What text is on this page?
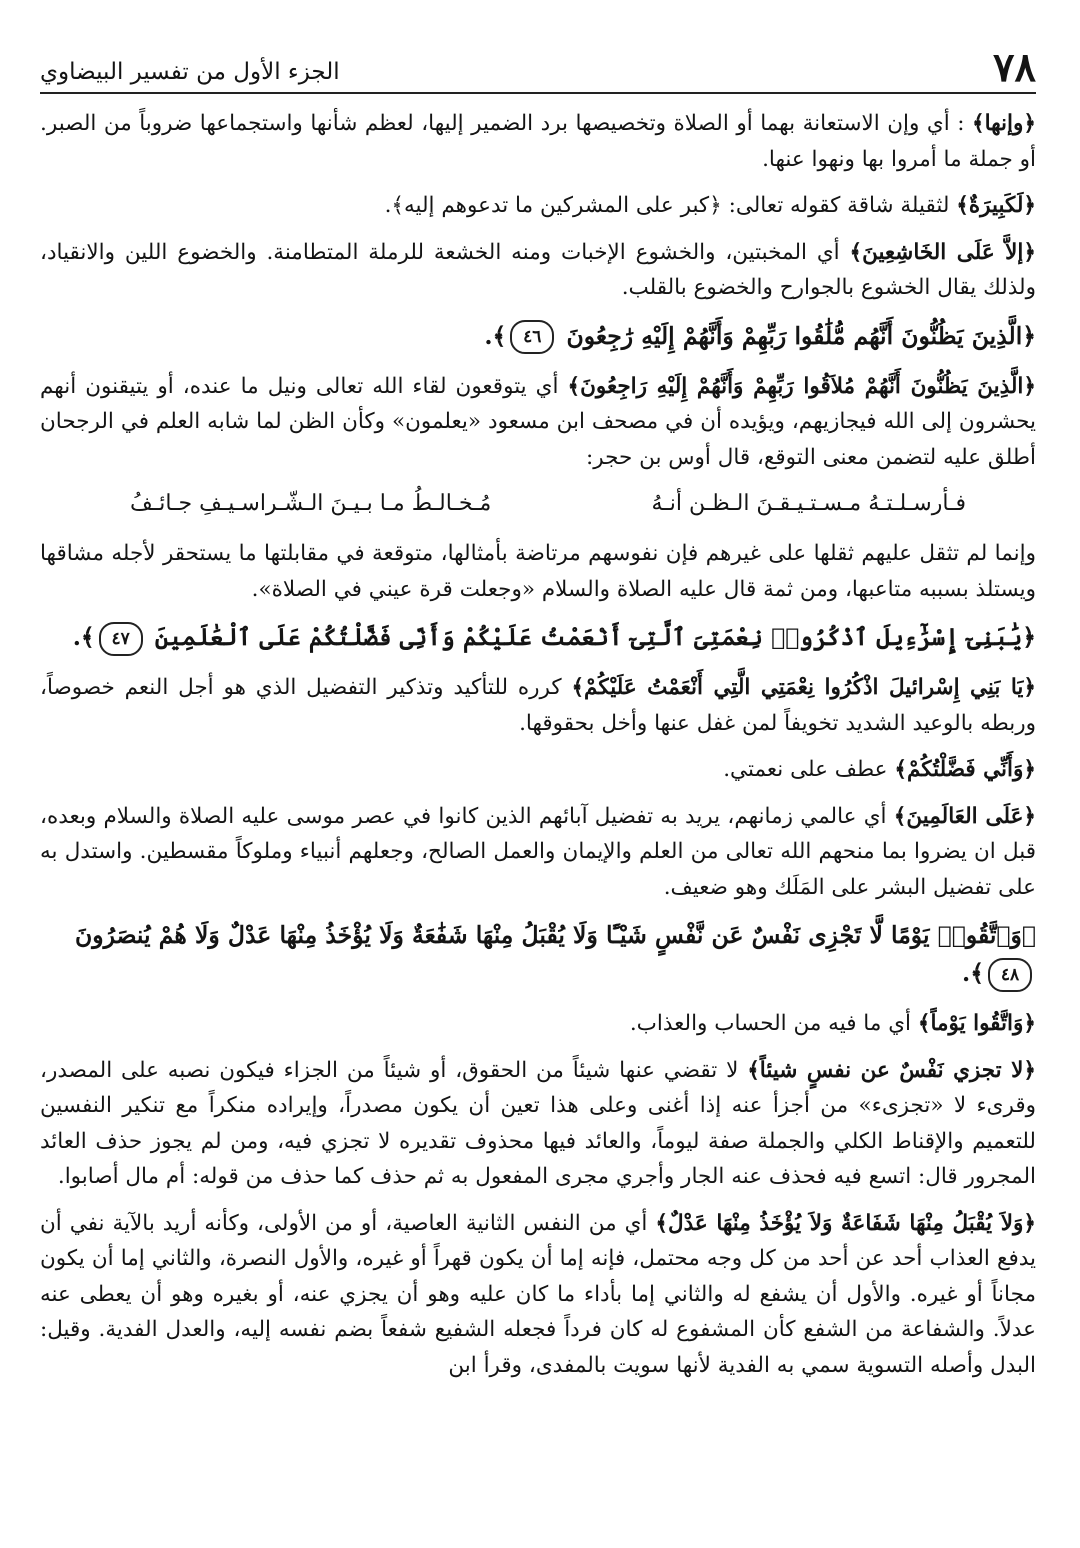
٧٨
الجزء الأول من تفسير البيضاوي

﴿وإنها﴾ : أي وإن الاستعانة بهما أو الصلاة وتخصيصها برد الضمير إليها، لعظم شأنها واستجماعها ضروباً من الصبر. أو جملة ما أمروا بها ونهوا عنها.

﴿لَكَبِيرَةٌ﴾ لثقيلة شاقة كقوله تعالى: ﴿كبر على المشركين ما تدعوهم إليه﴾.

﴿إلاَّ عَلَى الخَاشِعِينَ﴾ أي المخبتين، والخشوع الإخبات ومنه الخشعة للرملة المتطامنة. والخضوع اللين والانقياد، ولذلك يقال الخشوع بالجوارح والخضوع بالقلب.

﴿الَّذِينَ يَظُنُّونَ أَنَّهُم مُّلَٰقُوا رَبِّهِمْ وَأَنَّهُمْ إِلَيْهِ رَٰجِعُونَ ٤٦﴾.

﴿الَّذِينَ يَظُنُّونَ أَنَّهُمْ مُلاَقُوا رَبِّهِمْ وَأَنَّهُمْ إِلَيْهِ رَاجِعُونَ﴾ أي يتوقعون لقاء الله تعالى ونيل ما عنده، أو يتيقنون أنهم يحشرون إلى الله فيجازيهم، ويؤيده أن في مصحف ابن مسعود «يعلمون» وكأن الظن لما شابه العلم في الرجحان أطلق عليه لتضمن معنى التوقع، قال أوس بن حجر:

فـأرسـلـتـهُ مـسـتـيـقـنَ الـظـن أنـهُ
مُـخـالـطُ مـا بـيـنَ الـشّـراسـيـفِ جـائـفُ

وإنما لم تثقل عليهم ثقلها على غيرهم فإن نفوسهم مرتاضة بأمثالها، متوقعة في مقابلتها ما يستحقر لأجله مشاقها ويستلذ بسببه متاعبها، ومن ثمة قال عليه الصلاة والسلام «وجعلت قرة عيني في الصلاة».

﴿يَٰبَنِىٓ إِسْرَٰٓءِيلَ ٱذْكُرُوا۟ نِعْمَتِىَ ٱلَّتِىٓ أَنْعَمْتُ عَلَيْكُمْ وَأَنِّى فَضَّلْتُكُمْ عَلَى ٱلْعَٰلَمِينَ ٤٧﴾.

﴿يَا بَنِي إِسْرائيلَ اذْكُرُوا نِعْمَتِي الَّتِي أَنْعَمْتُ عَلَيْكُمْ﴾ كرره للتأكيد وتذكير التفضيل الذي هو أجل النعم خصوصاً، وربطه بالوعيد الشديد تخويفاً لمن غفل عنها وأخل بحقوقها.

﴿وَأَنِّي فَضَّلْتُكُمْ﴾ عطف على نعمتي.

﴿عَلَى العَالَمِينَ﴾ أي عالمي زمانهم، يريد به تفضيل آبائهم الذين كانوا في عصر موسى عليه الصلاة والسلام وبعده، قبل ان يضروا بما منحهم الله تعالى من العلم والإيمان والعمل الصالح، وجعلهم أنبياء وملوكاً مقسطين. واستدل به على تفضيل البشر على المَلَك وهو ضعيف.

﴿وَٱتَّقُوا۟ يَوْمًا لَّا تَجْزِى نَفْسٌ عَن نَّفْسٍ شَيْـًٔا وَلَا يُقْبَلُ مِنْهَا شَفَٰعَةٌ وَلَا يُؤْخَذُ مِنْهَا عَدْلٌ وَلَا هُمْ يُنصَرُونَ ٤٨﴾.

﴿وَاتَّقُوا يَوْماً﴾ أي ما فيه من الحساب والعذاب.

﴿لا تجزي نَفْسٌ عن نفسٍ شيئاً﴾ لا تقضي عنها شيئاً من الحقوق، أو شيئاً من الجزاء فيكون نصبه على المصدر، وقرىء لا «تجزىء» من أجزأ عنه إذا أغنى وعلى هذا تعين أن يكون مصدراً، وإيراده منكراً مع تنكير النفسين للتعميم والإقناط الكلي والجملة صفة ليوماً، والعائد فيها محذوف تقديره لا تجزي فيه، ومن لم يجوز حذف العائد المجرور قال: اتسع فيه فحذف عنه الجار وأجري مجرى المفعول به ثم حذف كما حذف من قوله: أم مال أصابوا.

﴿وَلاَ يُقْبَلُ مِنْهَا شَفَاعَةٌ وَلاَ يُؤْخَذُ مِنْهَا عَدْلٌ﴾ أي من النفس الثانية العاصية، أو من الأولى، وكأنه أريد بالآية نفي أن يدفع العذاب أحد عن أحد من كل وجه محتمل، فإنه إما أن يكون قهراً أو غيره، والأول النصرة، والثاني إما أن يكون مجاناً أو غيره. والأول أن يشفع له والثاني إما بأداء ما كان عليه وهو أن يجزي عنه، أو بغيره وهو أن يعطى عنه عدلاً. والشفاعة من الشفع كأن المشفوع له كان فرداً فجعله الشفيع شفعاً بضم نفسه إليه، والعدل الفدية. وقيل: البدل وأصله التسوية سمي به الفدية لأنها سويت بالمفدى، وقرأ ابن
